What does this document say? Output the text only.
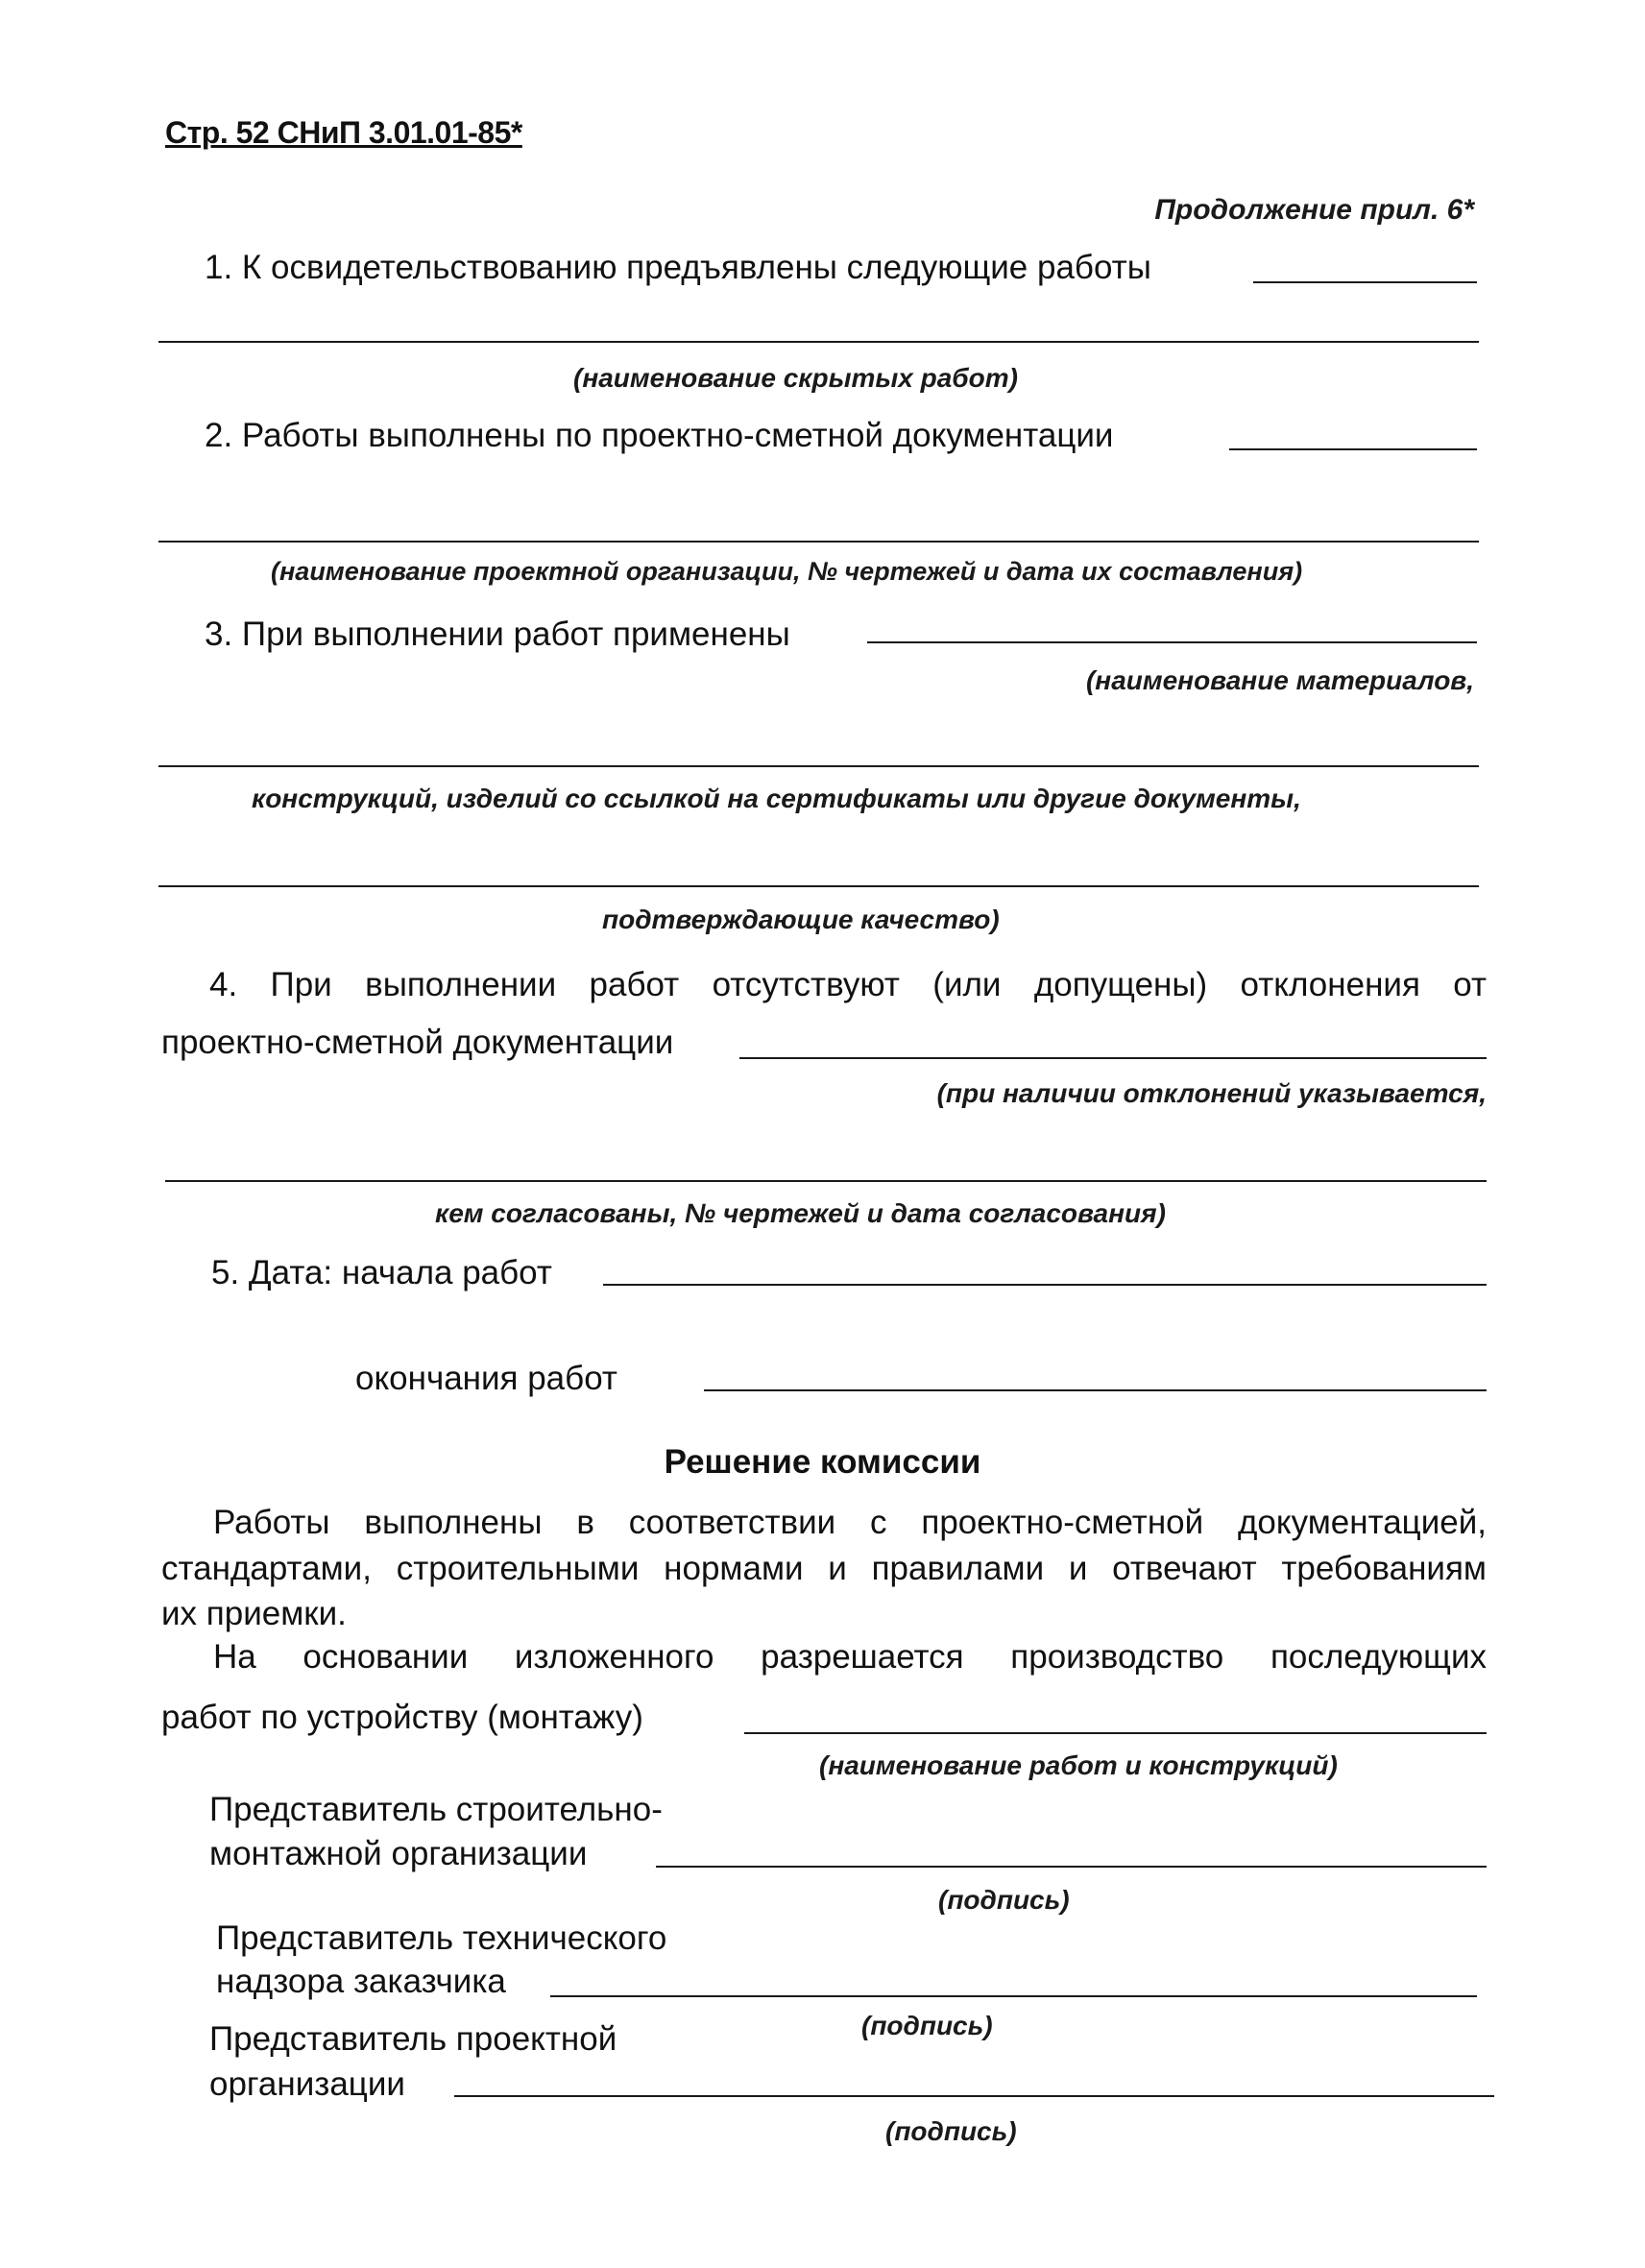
Стр. 52 СНиП 3.01.01-85*
Продолжение прил. 6*
1. К освидетельствованию предъявлены следующие работы
(наименование скрытых работ)
2. Работы выполнены по проектно-сметной документации
(наименование проектной организации, № чертежей и дата их составления)
3. При выполнении работ применены
(наименование материалов,
конструкций, изделий со ссылкой на сертификаты или другие документы,
подтверждающие качество)
4. При выполнении работ отсутствуют (или допущены) отклонения от
проектно-сметной документации
(при наличии отклонений указывается,
кем согласованы, № чертежей и дата согласования)
5. Дата: начала работ
окончания работ
Решение комиссии
Работы выполнены в соответствии с проектно-сметной документацией,
стандартами, строительными нормами и правилами и отвечают требованиям
их приемки.
На основании изложенного разрешается производство последующих
работ по устройству (монтажу)
(наименование работ и конструкций)
Представитель строительно-
монтажной организации
(подпись)
Представитель технического
надзора заказчика
Представитель проектной	(подпись)
организации
(подпись)
